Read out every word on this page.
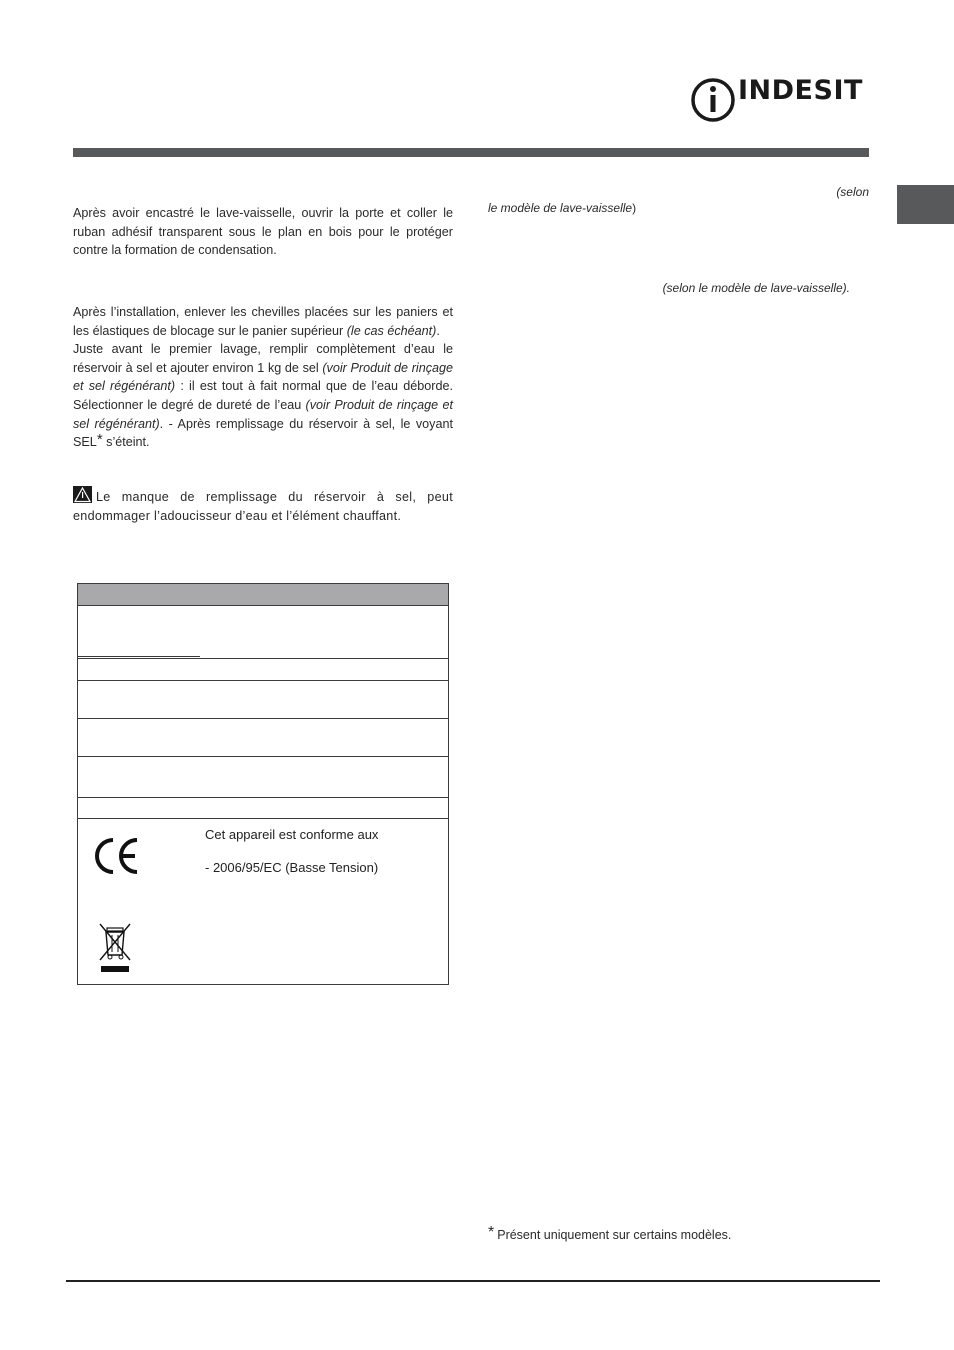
INDESIT

Après avoir encastré le lave-vaisselle, ouvrir la porte et coller le ruban adhésif transparent sous le plan en bois pour le protéger contre la formation de condensation.

Après l’installation, enlever les chevilles placées sur les paniers et les élastiques de blocage sur le panier supérieur (le cas échéant).

Juste avant le premier lavage, remplir complètement d’eau le réservoir à sel et ajouter environ 1 kg de sel (voir Produit de rinçage et sel régénérant) : il est tout à fait normal que de l’eau déborde. Sélectionner le degré de dureté de l’eau (voir Produit de rinçage et sel régénérant). - Après remplissage du réservoir à sel, le voyant SEL* s’éteint.

Le manque de remplissage du réservoir à sel, peut endommager l’adoucisseur d’eau et l’élément chauffant.

(selon
le modèle de lave-vaisselle)
(selon le modèle de lave-vaisselle).
Cet appareil est conforme aux
- 2006/95/EC (Basse Tension)
* Présent uniquement sur certains modèles.
